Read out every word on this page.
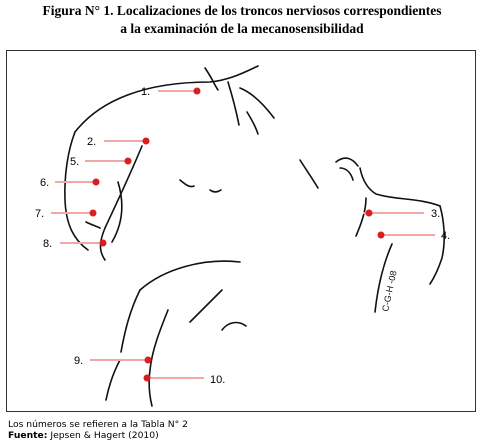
Figura N° 1. Localizaciones de los troncos nerviosos correspondientes
a la examinación de la mecanosensibilidad
C-G-H -08
1.
2.
3.
4.
5.
6.
7.
8.
9.
10.
Los números se refieren a la Tabla N° 2
Fuente: Jepsen & Hagert (2010)
